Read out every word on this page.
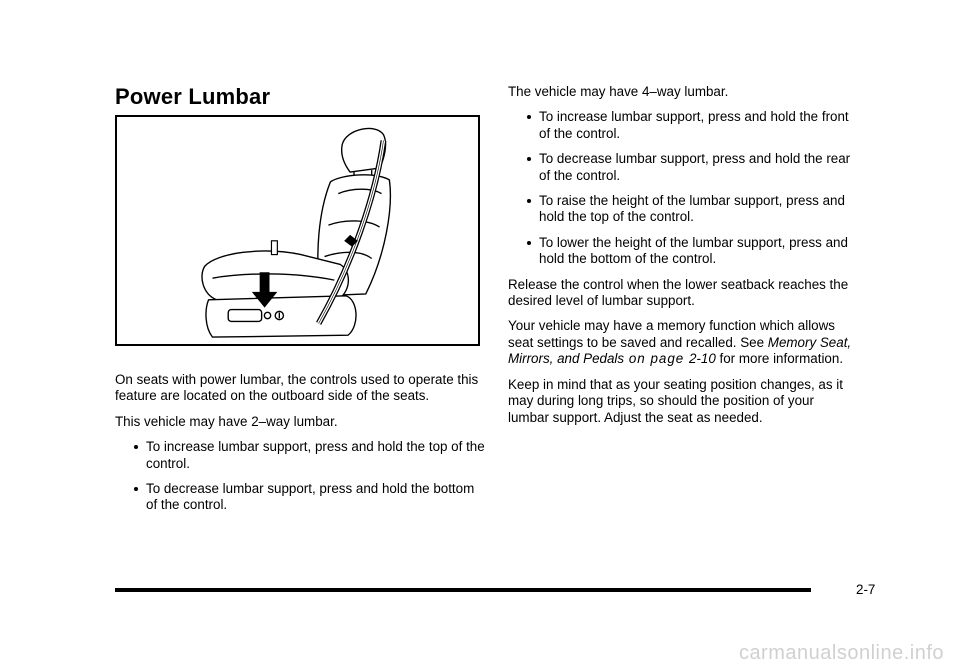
Power Lumbar

On seats with power lumbar, the controls used to operate this feature are located on the outboard side of the seats.

This vehicle may have 2–way lumbar.

To increase lumbar support, press and hold the top of the control.
To decrease lumbar support, press and hold the bottom of the control.

The vehicle may have 4–way lumbar.

To increase lumbar support, press and hold the front of the control.
To decrease lumbar support, press and hold the rear of the control.
To raise the height of the lumbar support, press and hold the top of the control.
To lower the height of the lumbar support, press and hold the bottom of the control.

Release the control when the lower seatback reaches the desired level of lumbar support.

Your vehicle may have a memory function which allows seat settings to be saved and recalled. See Memory Seat, Mirrors, and Pedals on page 2‑10 for more information.

Keep in mind that as your seating position changes, as it may during long trips, so should the position of your lumbar support. Adjust the seat as needed.

2-7
carmanualsonline.info
